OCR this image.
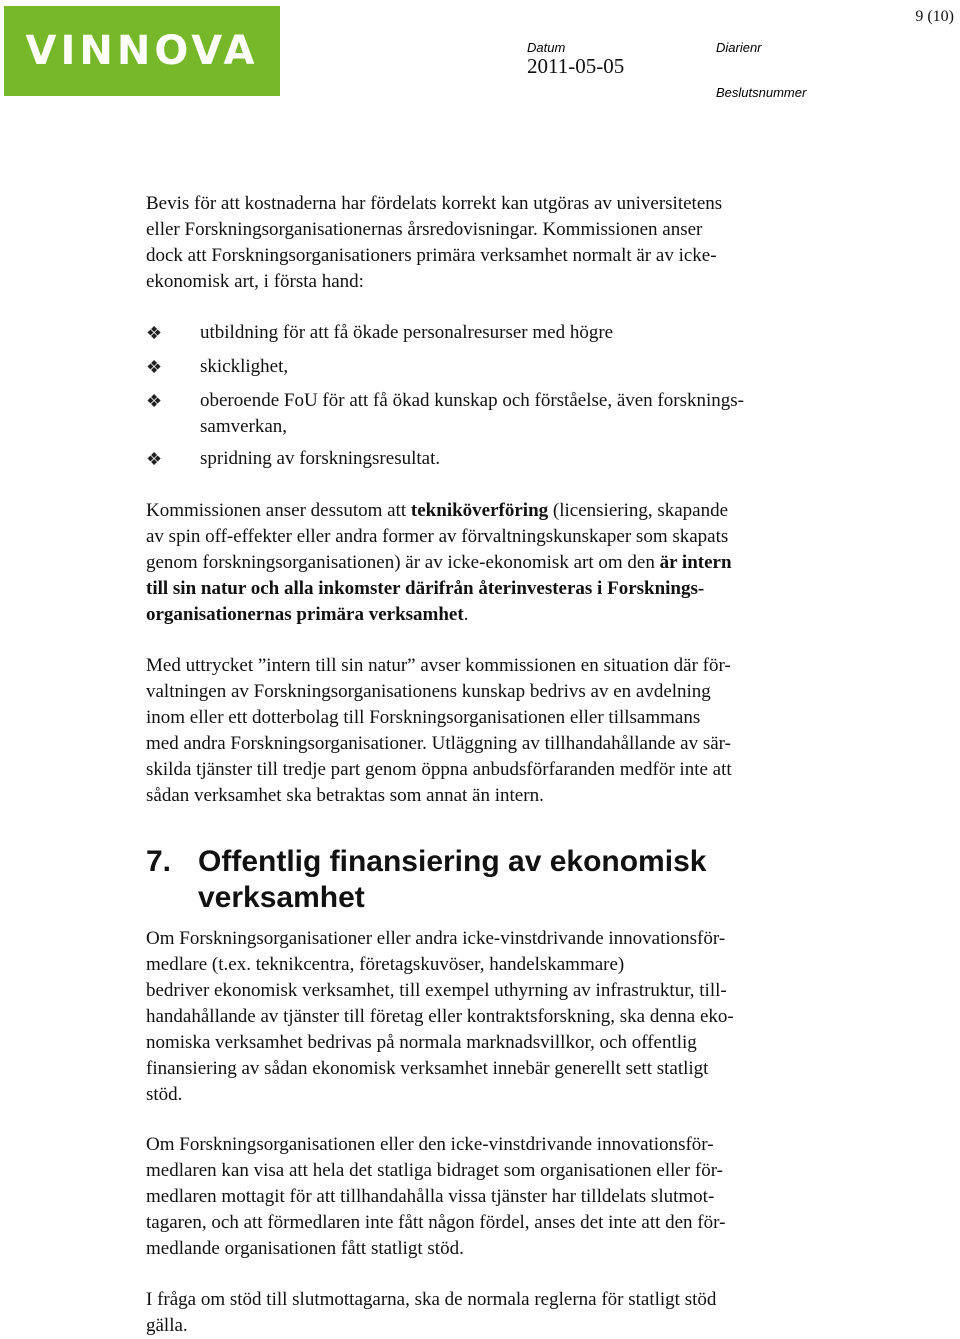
VINNOVA	Datum
2011-05-05
Diarienr
Beslutsnummer
9 (10)

Bevis för att kostnaderna har fördelats korrekt kan utgöras av universitetens

eller Forskningsorganisationernas årsredovisningar. Kommissionen anser

dock att Forskningsorganisationers primära verksamhet normalt är av icke-

ekonomisk art, i första hand:

❖	utbildning för att få ökade personalresurser med högre
❖	skicklighet,
❖	oberoende FoU för att få ökad kunskap och förståelse, även forsknings-
samverkan,
❖	spridning av forskningsresultat.

Kommissionen anser dessutom att tekniköverföring (licensiering, skapande

av spin off-effekter eller andra former av förvaltningskunskaper som skapats

genom forskningsorganisationen) är av icke-ekonomisk art om den är intern

till sin natur och alla inkomster därifrån återinvesteras i Forsknings-

organisationernas primära verksamhet.

Med uttrycket ”intern till sin natur” avser kommissionen en situation där för-

valtningen av Forskningsorganisationens kunskap bedrivs av en avdelning

inom eller ett dotterbolag till Forskningsorganisationen eller tillsammans

med andra Forskningsorganisationer. Utläggning av tillhandahållande av sär-

skilda tjänster till tredje part genom öppna anbudsförfaranden medför inte att

sådan verksamhet ska betraktas som annat än intern.

7. Offentlig finansiering av ekonomisk
verksamhet

Om Forskningsorganisationer eller andra icke-vinstdrivande innovationsför-

medlare (t.ex. teknikcentra, företagskuvöser, handelskammare)

bedriver ekonomisk verksamhet, till exempel uthyrning av infrastruktur, till-

handahållande av tjänster till företag eller kontraktsforskning, ska denna eko-

nomiska verksamhet bedrivas på normala marknadsvillkor, och offentlig

finansiering av sådan ekonomisk verksamhet innebär generellt sett statligt

stöd.

Om Forskningsorganisationen eller den icke-vinstdrivande innovationsför-

medlaren kan visa att hela det statliga bidraget som organisationen eller för-

medlaren mottagit för att tillhandahålla vissa tjänster har tilldelats slutmot-

tagaren, och att förmedlaren inte fått någon fördel, anses det inte att den för-

medlande organisationen fått statligt stöd.

I fråga om stöd till slutmottagarna, ska de normala reglerna för statligt stöd

gälla.
